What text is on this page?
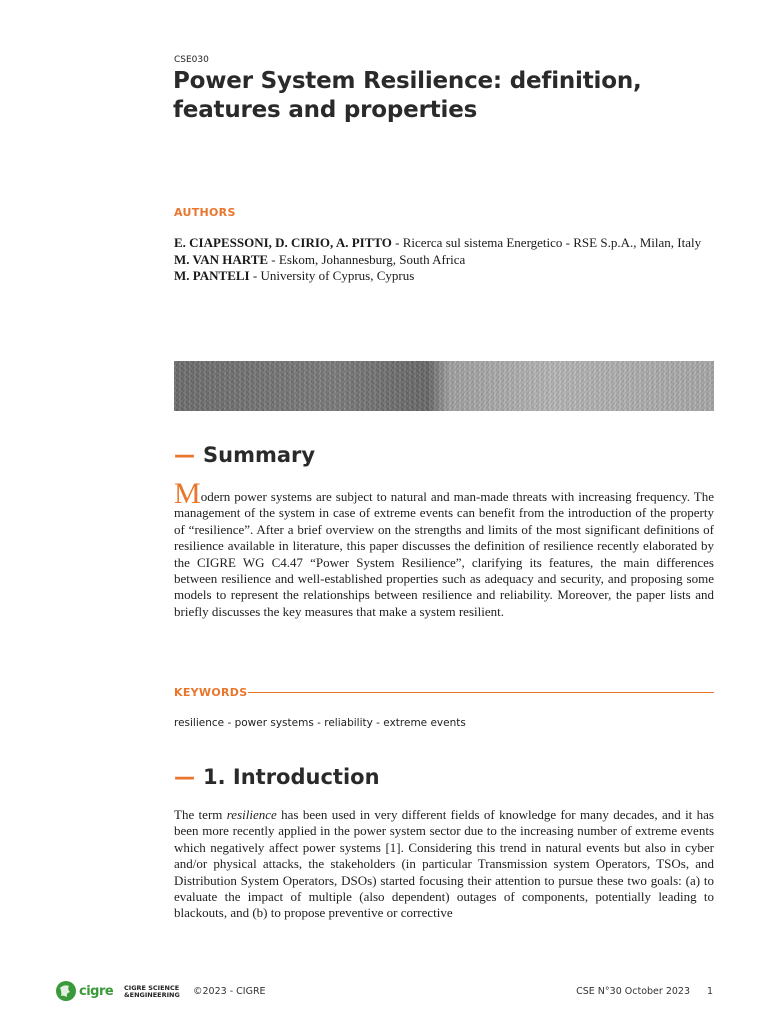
CSE030
Power System Resilience: definition, features and properties
AUTHORS
E. CIAPESSONI, D. CIRIO, A. PITTO - Ricerca sul sistema Energetico - RSE S.p.A., Milan, Italy
M. VAN HARTE - Eskom, Johannesburg, South Africa
M. PANTELI - University of Cyprus, Cyprus
— Summary

Modern power systems are subject to natural and man-made threats with increasing frequency. The management of the system in case of extreme events can benefit from the introduction of the property of “resilience”. After a brief overview on the strengths and limits of the most significant definitions of resilience available in literature, this paper discusses the definition of resilience recently elaborated by the CIGRE WG C4.47 “Power System Resilience”, clarifying its features, the main differences between resilience and well-established properties such as adequacy and security, and proposing some models to represent the relationships between resilience and reliability. Moreover, the paper lists and briefly discusses the key measures that make a system resilient.

KEYWORDS
resilience - power systems - reliability - extreme events
— 1. Introduction

The term resilience has been used in very different fields of knowledge for many decades, and it has been more recently applied in the power system sector due to the increasing number of extreme events which negatively affect power systems [1]. Considering this trend in natural events but also in cyber and/or physical attacks, the stakeholders (in particular Transmission system Operators, TSOs, and Distribution System Operators, DSOs) started focusing their attention to pursue these two goals: (a) to evaluate the impact of multiple (also dependent) outages of components, potentially leading to blackouts, and (b) to propose preventive or corrective

cigre CIGRE SCIENCE
&ENGINEERING ©2023 - CIGRE	CSE N°30 October 2023 1
